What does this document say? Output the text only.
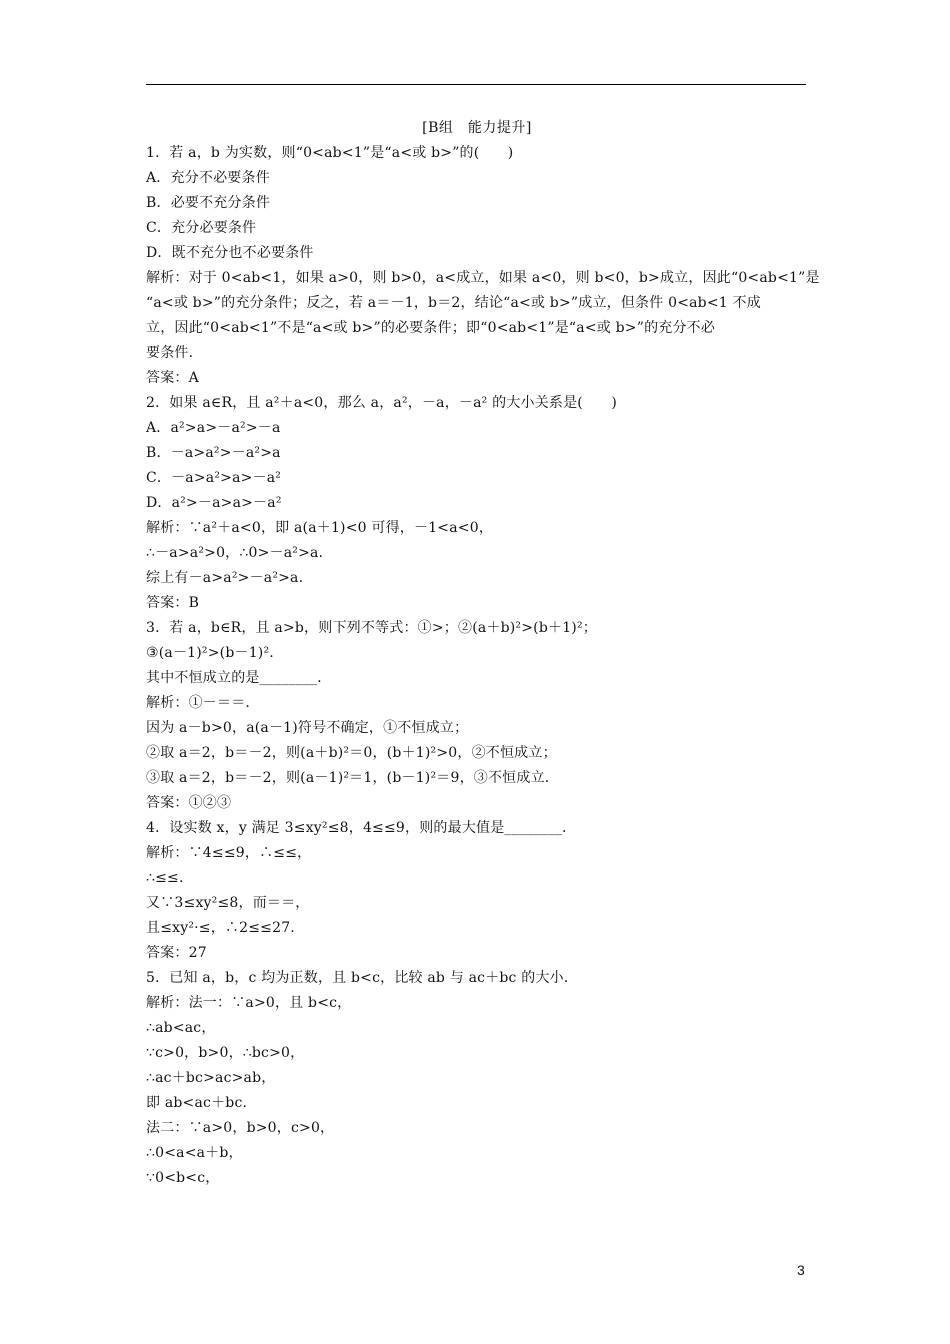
[B组　能力提升]
1．若 a，b 为实数，则“0<ab<1”是“a<或 b>”的(　　)
A．充分不必要条件
B．必要不充分条件
C．充分必要条件
D．既不充分也不必要条件
解析：对于 0<ab<1，如果 a>0，则 b>0，a<成立，如果 a<0，则 b<0，b>成立，因此“0<ab<1”是
“a<或 b>”的充分条件；反之，若 a＝－1，b＝2，结论“a<或 b>”成立，但条件 0<ab<1 不成
立，因此“0<ab<1”不是“a<或 b>”的必要条件；即“0<ab<1”是“a<或 b>”的充分不必
要条件．
答案：A
2．如果 a∈R，且 a²＋a<0，那么 a，a²，－a，－a² 的大小关系是(　　)
A．a²>a>－a²>－a
B．－a>a²>－a²>a
C．－a>a²>a>－a²
D．a²>－a>a>－a²
解析：∵a²＋a<0，即 a(a＋1)<0 可得，－1<a<0，
∴－a>a²>0，∴0>－a²>a.
综上有－a>a²>－a²>a.
答案：B
3．若 a，b∈R，且 a>b，则下列不等式：①>；②(a＋b)²>(b＋1)²；
③(a－1)²>(b－1)².
其中不恒成立的是________．
解析：①－＝＝.
因为 a－b>0，a(a－1)符号不确定，①不恒成立；
②取 a＝2，b＝－2，则(a＋b)²＝0，(b＋1)²>0，②不恒成立；
③取 a＝2，b＝－2，则(a－1)²＝1，(b－1)²＝9，③不恒成立．
答案：①②③
4．设实数 x，y 满足 3≤xy²≤8，4≤≤9，则的最大值是________．
解析：∵4≤≤9，∴≤≤，
∴≤≤.
又∵3≤xy²≤8，而＝＝，
且≤xy²·≤，∴2≤≤27.
答案：27
5．已知 a，b，c 均为正数，且 b<c，比较 ab 与 ac＋bc 的大小．
解析：法一：∵a>0，且 b<c，
∴ab<ac，
∵c>0，b>0，∴bc>0，
∴ac＋bc>ac>ab，
即 ab<ac＋bc.
法二：∵a>0，b>0，c>0，
∴0<a<a＋b，
∵0<b<c，
3
